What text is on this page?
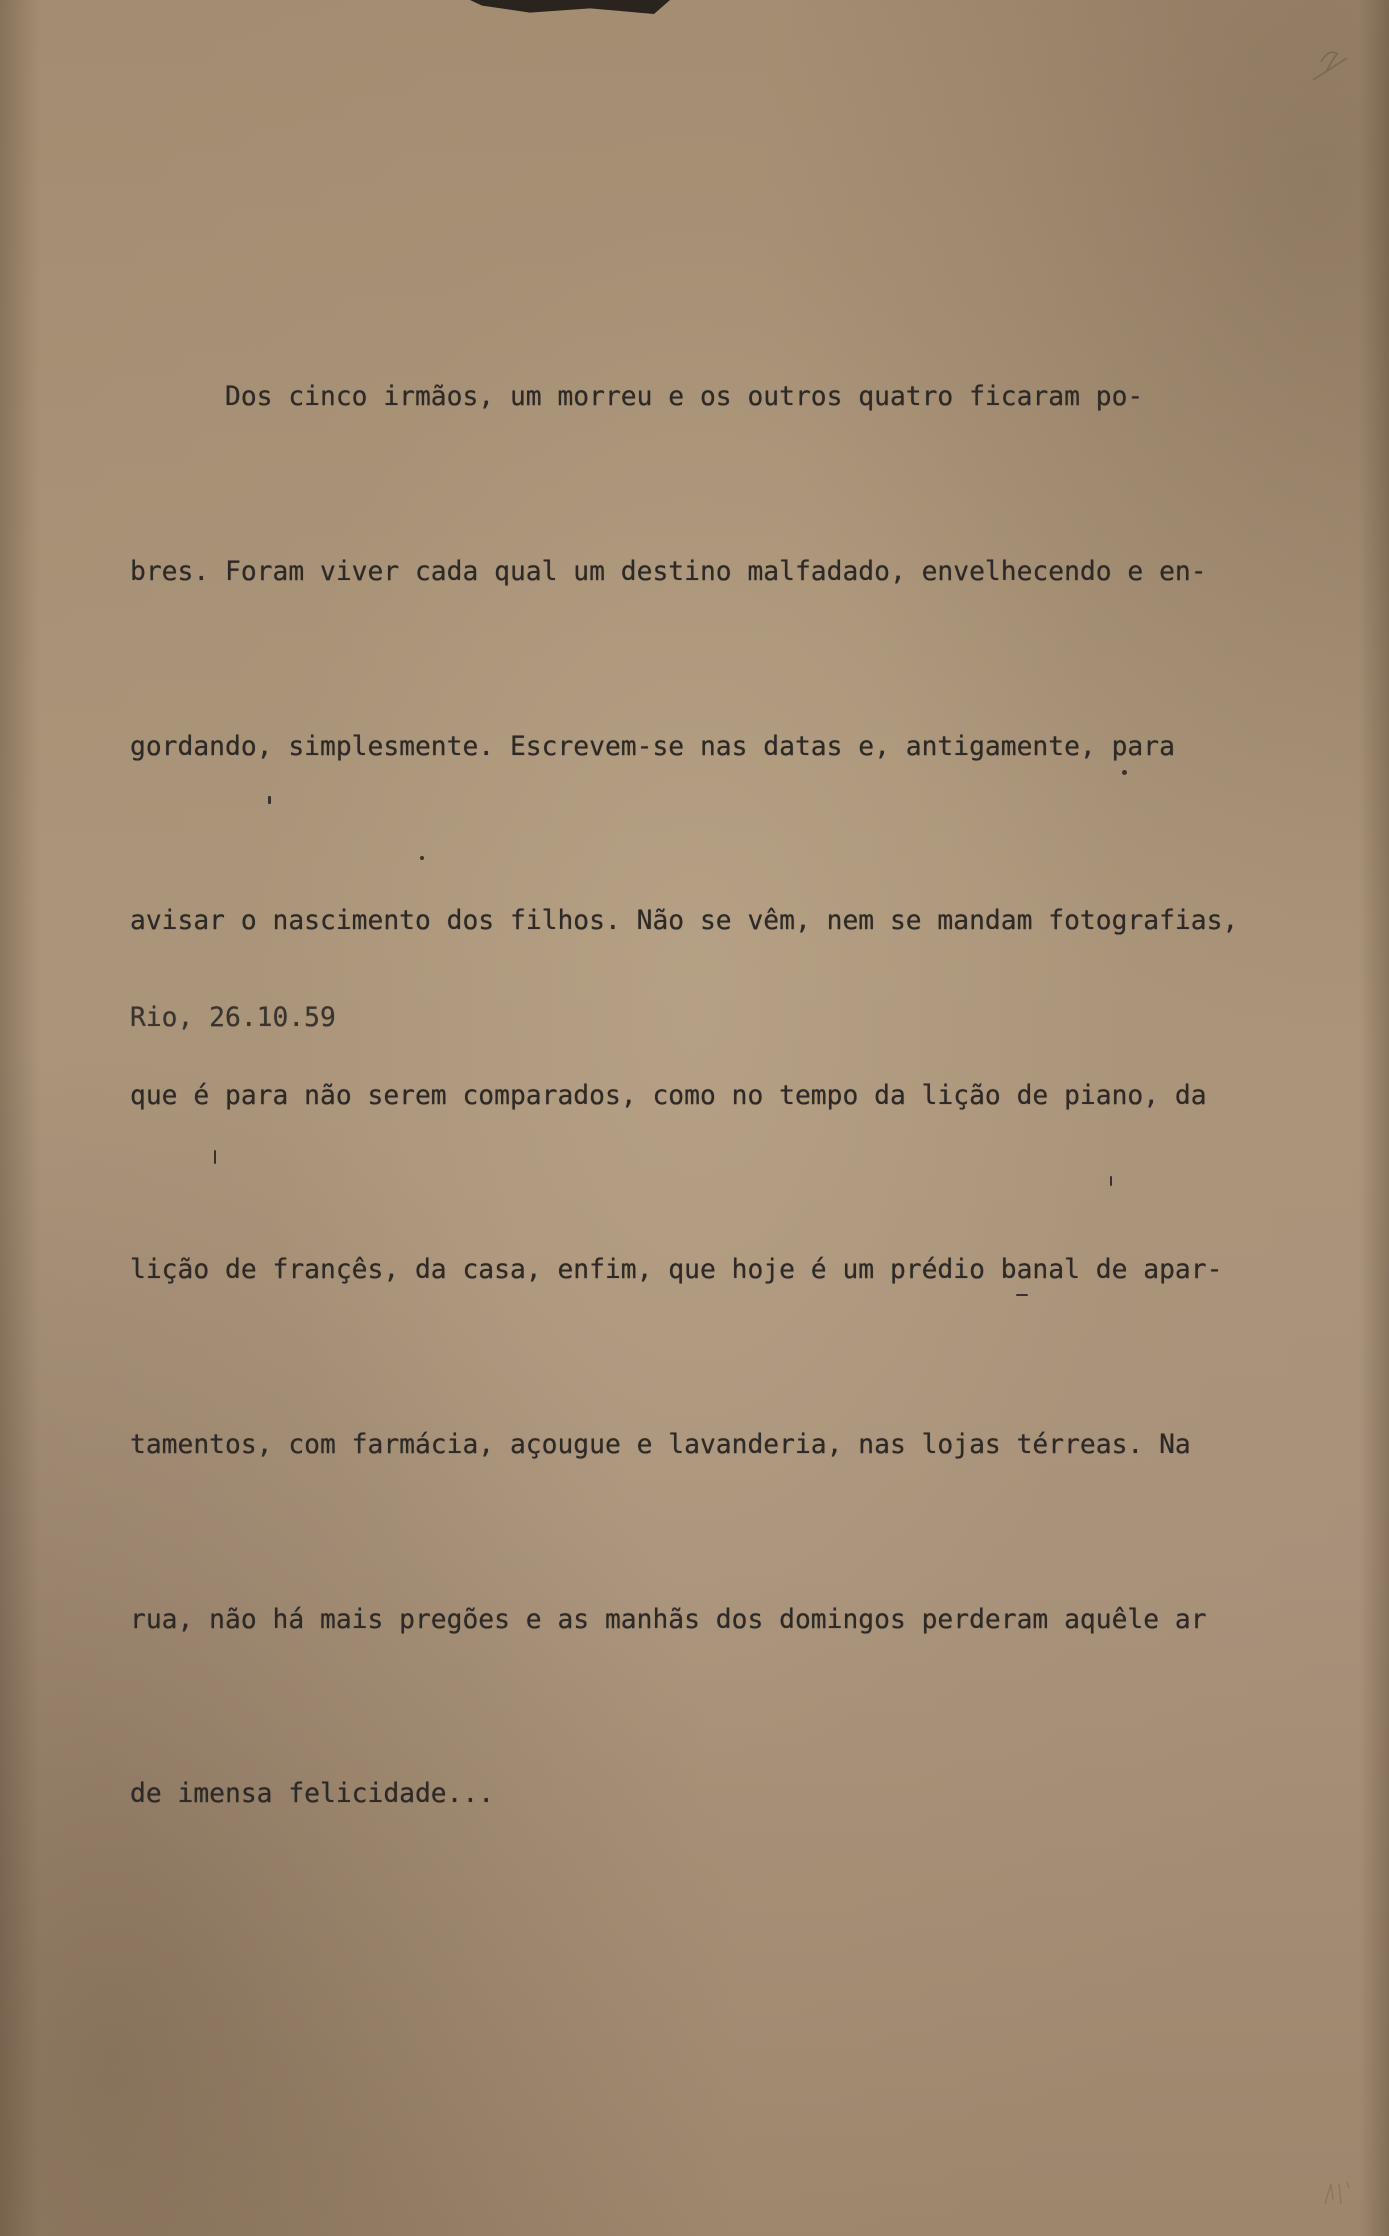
Dos cinco irmãos, um morreu e os outros quatro ficaram po-

bres. Foram viver cada qual um destino malfadado, envelhecendo e en-

gordando, simplesmente. Escrevem-se nas datas e, antigamente, para

avisar o nascimento dos filhos. Não se vêm, nem se mandam fotografias,

que é para não serem comparados, como no tempo da lição de piano, da

lição de françês, da casa, enfim, que hoje é um prédio banal de apar-

tamentos, com farmácia, açougue e lavanderia, nas lojas térreas. Na

rua, não há mais pregões e as manhãs dos domingos perderam aquêle ar

de imensa felicidade...

Rio, 26.10.59
